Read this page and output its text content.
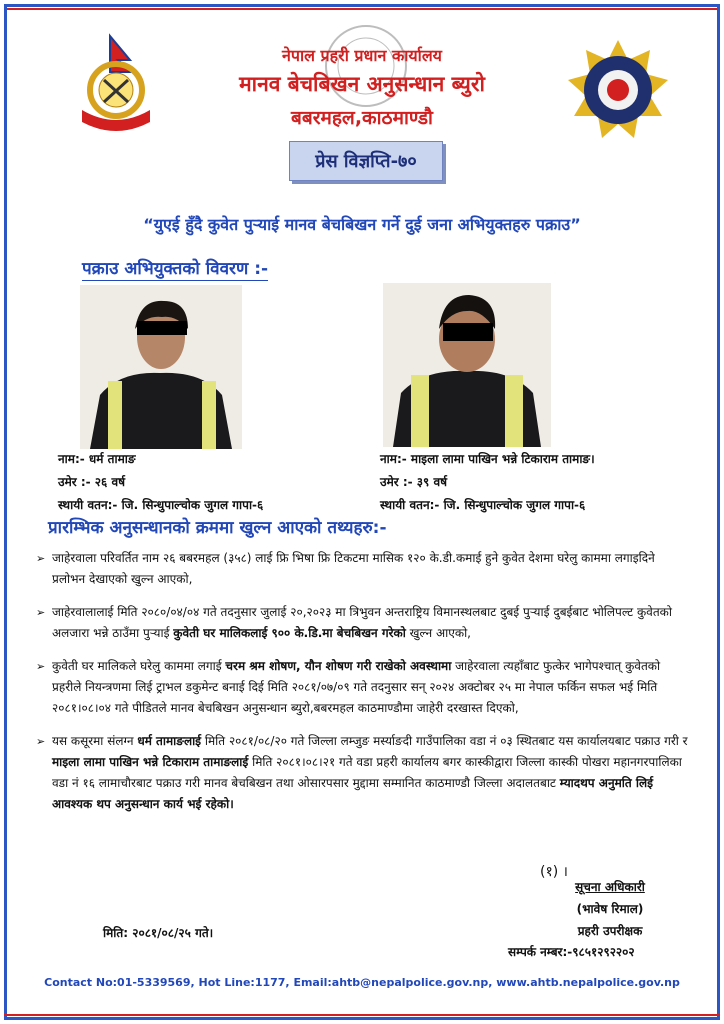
नेपाल प्रहरी प्रधान कार्यालय
मानव बेचबिखन अनुसन्धान ब्युरो
बबरमहल,काठमाण्डौ
प्रेस विज्ञप्ति-७०
“युएई हुँदै कुवेत पुऱ्याई मानव बेचबिखन गर्ने दुई जना अभियुक्तहरु पक्राउ”
पक्राउ अभियुक्तको विवरण :-
नाम:- धर्म तामाङ
उमेर :- २६ वर्ष
स्थायी वतन:- जि. सिन्धुपाल्चोक जुगल गापा-६
नाम:- माइला लामा पाखिन भन्ने टिकाराम तामाङ।
उमेर :- ३९ वर्ष
स्थायी वतन:- जि. सिन्धुपाल्चोक जुगल गापा-६
प्रारम्भिक अनुसन्धानको क्रममा खुल्न आएको तथ्यहरु:-
➢ जाहेरवाला परिवर्तित नाम २६ बबरमहल (३५८) लाई फ्रि भिषा फ्रि टिकटमा मासिक १२० के.डी.कमाई हुने कुवेत देशमा घरेलु काममा लगाइदिने प्रलोभन देखाएको खुल्न आएको,
➢ जाहेरवालालाई मिति २०८०/०४/०४ गते तदनुसार जुलाई २०,२०२३ मा त्रिभुवन अन्तराष्ट्रिय विमानस्थलबाट दुबई पुऱ्याई दुबईबाट भोलिपल्ट कुवेतको अलजारा भन्ने ठाउँमा पुऱ्याई कुवेती घर मालिकलाई ९०० के.डि.मा बेचबिखन गरेको खुल्न आएको,
➢ कुवेती घर मालिकले घरेलु काममा लगाई चरम श्रम शोषण, यौन शोषण गरी राखेको अवस्थामा जाहेरवाला त्यहाँबाट फुत्केर भागेपश्चात् कुवेतको प्रहरीले नियन्त्रणमा लिई ट्राभल डकुमेन्ट बनाई दिई मिति २०८१/०७/०९ गते तदनुसार सन् २०२४ अक्टोबर २५ मा नेपाल फर्किन सफल भई मिति २०८१।०८।०४ गते पीडितले मानव बेचबिखन अनुसन्धान ब्युरो,बबरमहल काठमाण्डौमा जाहेरी दरखास्त दिएको,
➢ यस कसूरमा संलग्न धर्म तामाङलाई मिति २०८१/०८/२० गते जिल्ला लम्जुङ मर्स्याङदी गाउँपालिका वडा नं ०३ स्थितबाट यस कार्यालयबाट पक्राउ गरी र माइला लामा पाखिन भन्ने टिकाराम तामाङलाई मिति २०८१।०८।२१ गते वडा प्रहरी कार्यालय बगर कास्कीद्वारा जिल्ला कास्की पोखरा महानगरपालिका वडा नं १६ लामाचौरबाट पक्राउ गरी मानव बेचबिखन तथा ओसारपसार मुद्दामा सम्मानित काठमाण्डौ जिल्ला अदालतबाट म्यादथप अनुमति लिई आवश्यक थप अनुसन्धान कार्य भई रहेको।
(१) ।
सूचना अधिकारी
(भावेष रिमाल)
प्रहरी उपरीक्षक
मिति: २०८१/०८/२५ गते।
सम्पर्क नम्बर:-९८५१२९२२०२
Contact No:01-5339569, Hot Line:1177, Email:ahtb@nepalpolice.gov.np, www.ahtb.nepalpolice.gov.np
